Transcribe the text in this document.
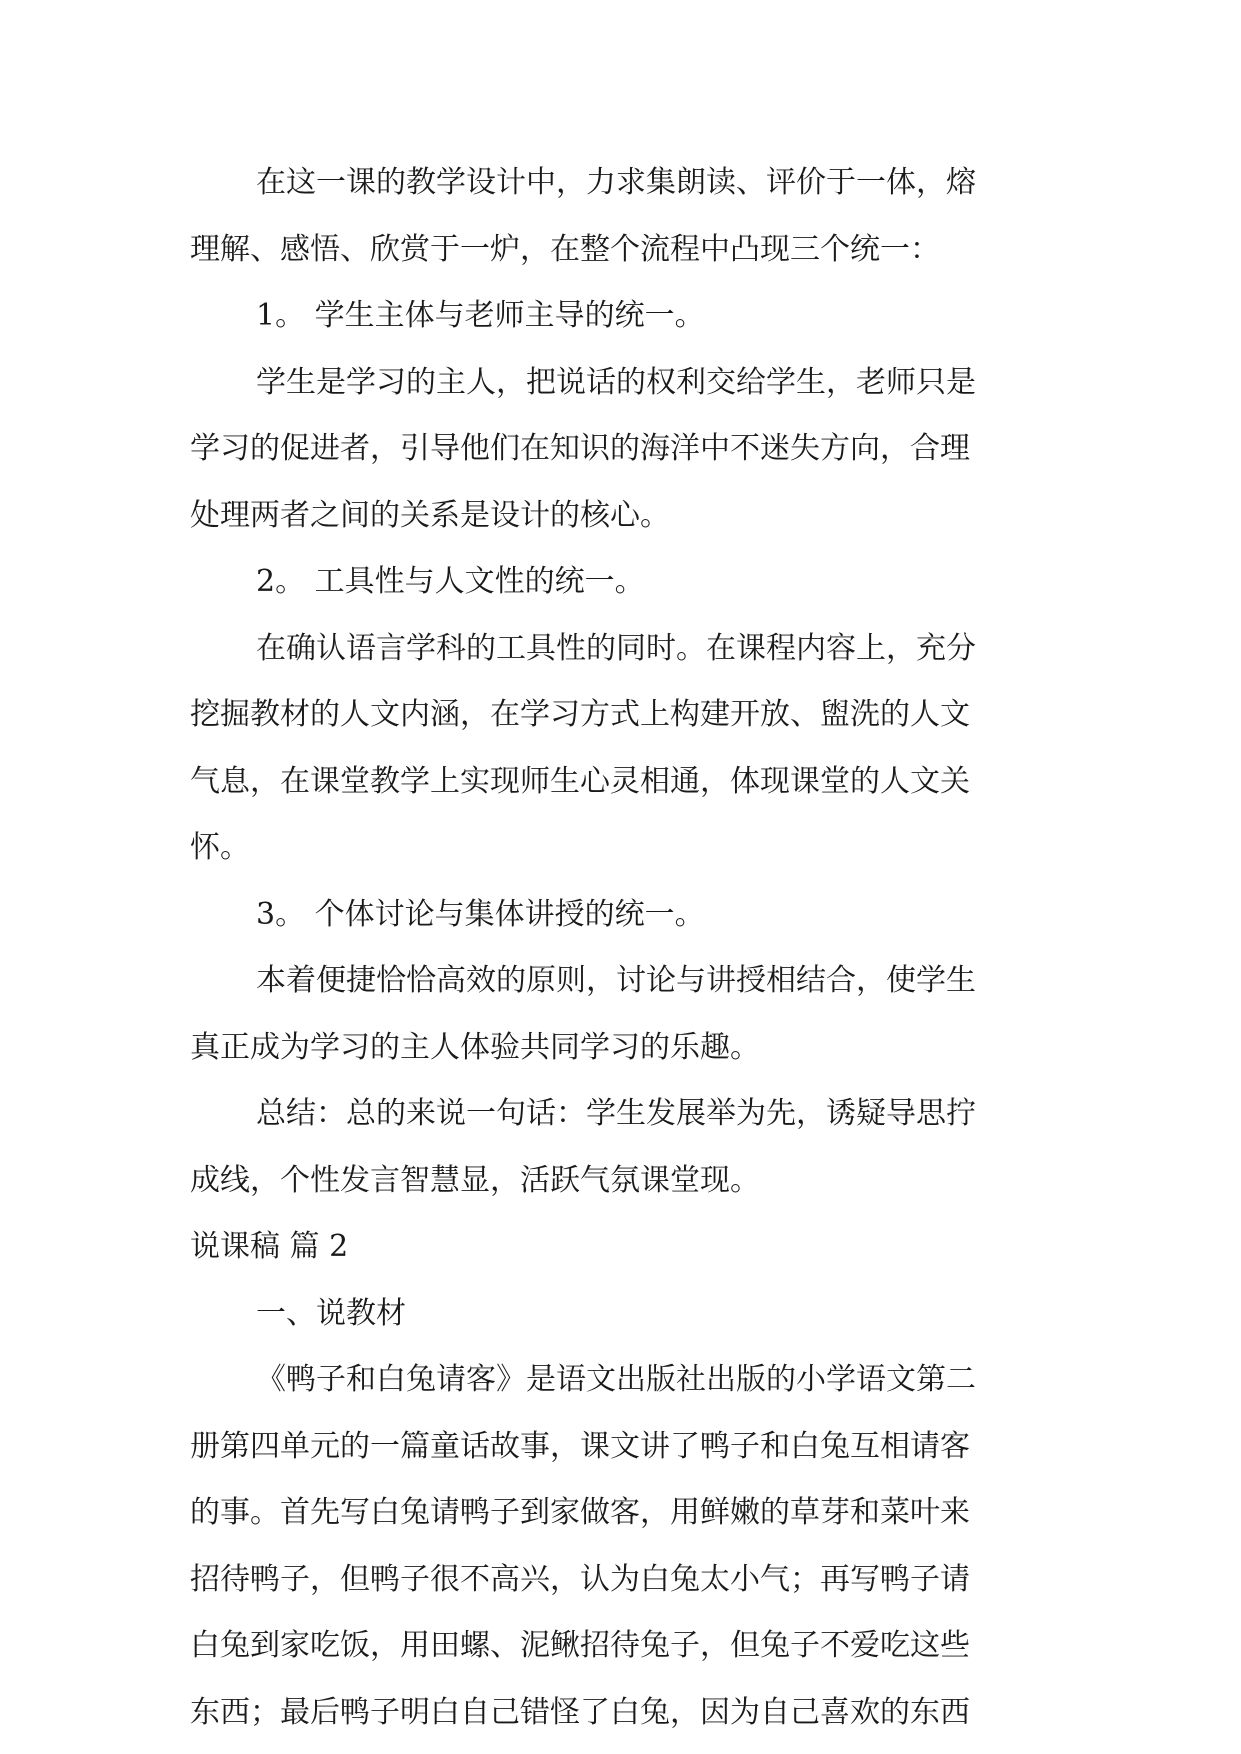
在这一课的教学设计中，力求集朗读、评价于一体，熔
理解、感悟、欣赏于一炉，在整个流程中凸现三个统一：
1。 学生主体与老师主导的统一。
学生是学习的主人，把说话的权利交给学生，老师只是
学习的促进者，引导他们在知识的海洋中不迷失方向，合理
处理两者之间的关系是设计的核心。
2。 工具性与人文性的统一。
在确认语言学科的工具性的同时。在课程内容上，充分
挖掘教材的人文内涵，在学习方式上构建开放、盥洗的人文
气息，在课堂教学上实现师生心灵相通，体现课堂的人文关
怀。
3。 个体讨论与集体讲授的统一。
本着便捷恰恰高效的原则，讨论与讲授相结合，使学生
真正成为学习的主人体验共同学习的乐趣。
总结：总的来说一句话：学生发展举为先，诱疑导思拧
成线，个性发言智慧显，活跃气氛课堂现。
说课稿 篇 2
一、说教材
《鸭子和白兔请客》是语文出版社出版的小学语文第二
册第四单元的一篇童话故事，课文讲了鸭子和白兔互相请客
的事。首先写白兔请鸭子到家做客，用鲜嫩的草芽和菜叶来
招待鸭子，但鸭子很不高兴，认为白兔太小气；再写鸭子请
白兔到家吃饭，用田螺、泥鳅招待兔子，但兔子不爱吃这些
东西；最后鸭子明白自己错怪了白兔，因为自己喜欢的东西
